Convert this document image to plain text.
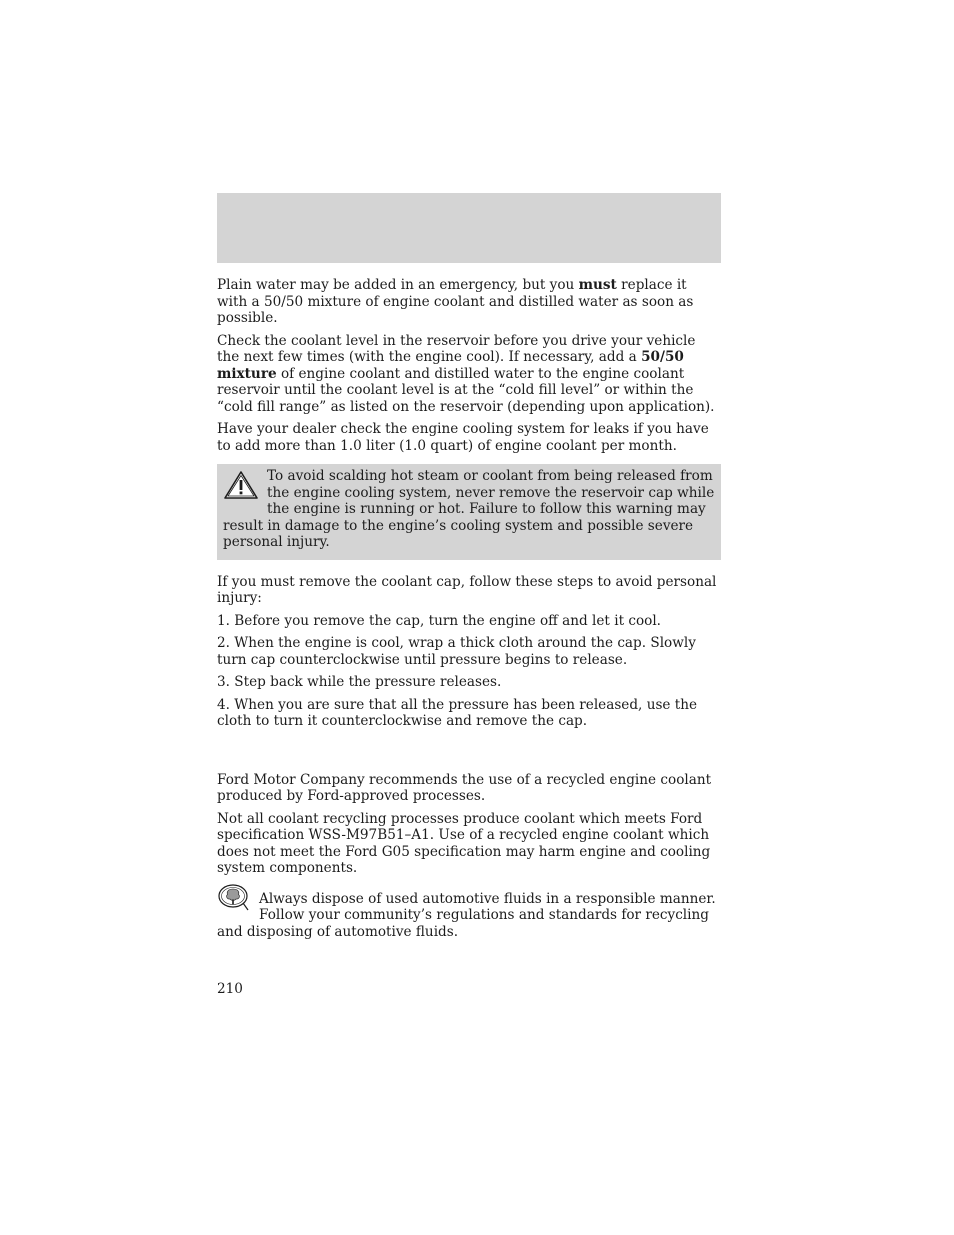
Plain water may be added in an emergency, but you must replace it with a 50/50 mixture of engine coolant and distilled water as soon as possible.

Check the coolant level in the reservoir before you drive your vehicle the next few times (with the engine cool). If necessary, add a 50/50 mixture of engine coolant and distilled water to the engine coolant reservoir until the coolant level is at the “cold fill level” or within the “cold fill range” as listed on the reservoir (depending upon application).

Have your dealer check the engine cooling system for leaks if you have to add more than 1.0 liter (1.0 quart) of engine coolant per month.

To avoid scalding hot steam or coolant from being released from the engine cooling system, never remove the reservoir cap while the engine is running or hot. Failure to follow this warning may result in damage to the engine’s cooling system and possible severe personal injury.

If you must remove the coolant cap, follow these steps to avoid personal injury:

1. Before you remove the cap, turn the engine off and let it cool.

2. When the engine is cool, wrap a thick cloth around the cap. Slowly turn cap counterclockwise until pressure begins to release.

3. Step back while the pressure releases.

4. When you are sure that all the pressure has been released, use the cloth to turn it counterclockwise and remove the cap.

Ford Motor Company recommends the use of a recycled engine coolant produced by Ford-approved processes.

Not all coolant recycling processes produce coolant which meets Ford specification WSS-M97B51–A1. Use of a recycled engine coolant which does not meet the Ford G05 specification may harm engine and cooling system components.

Always dispose of used automotive fluids in a responsible manner. Follow your community’s regulations and standards for recycling and disposing of automotive fluids.

210
